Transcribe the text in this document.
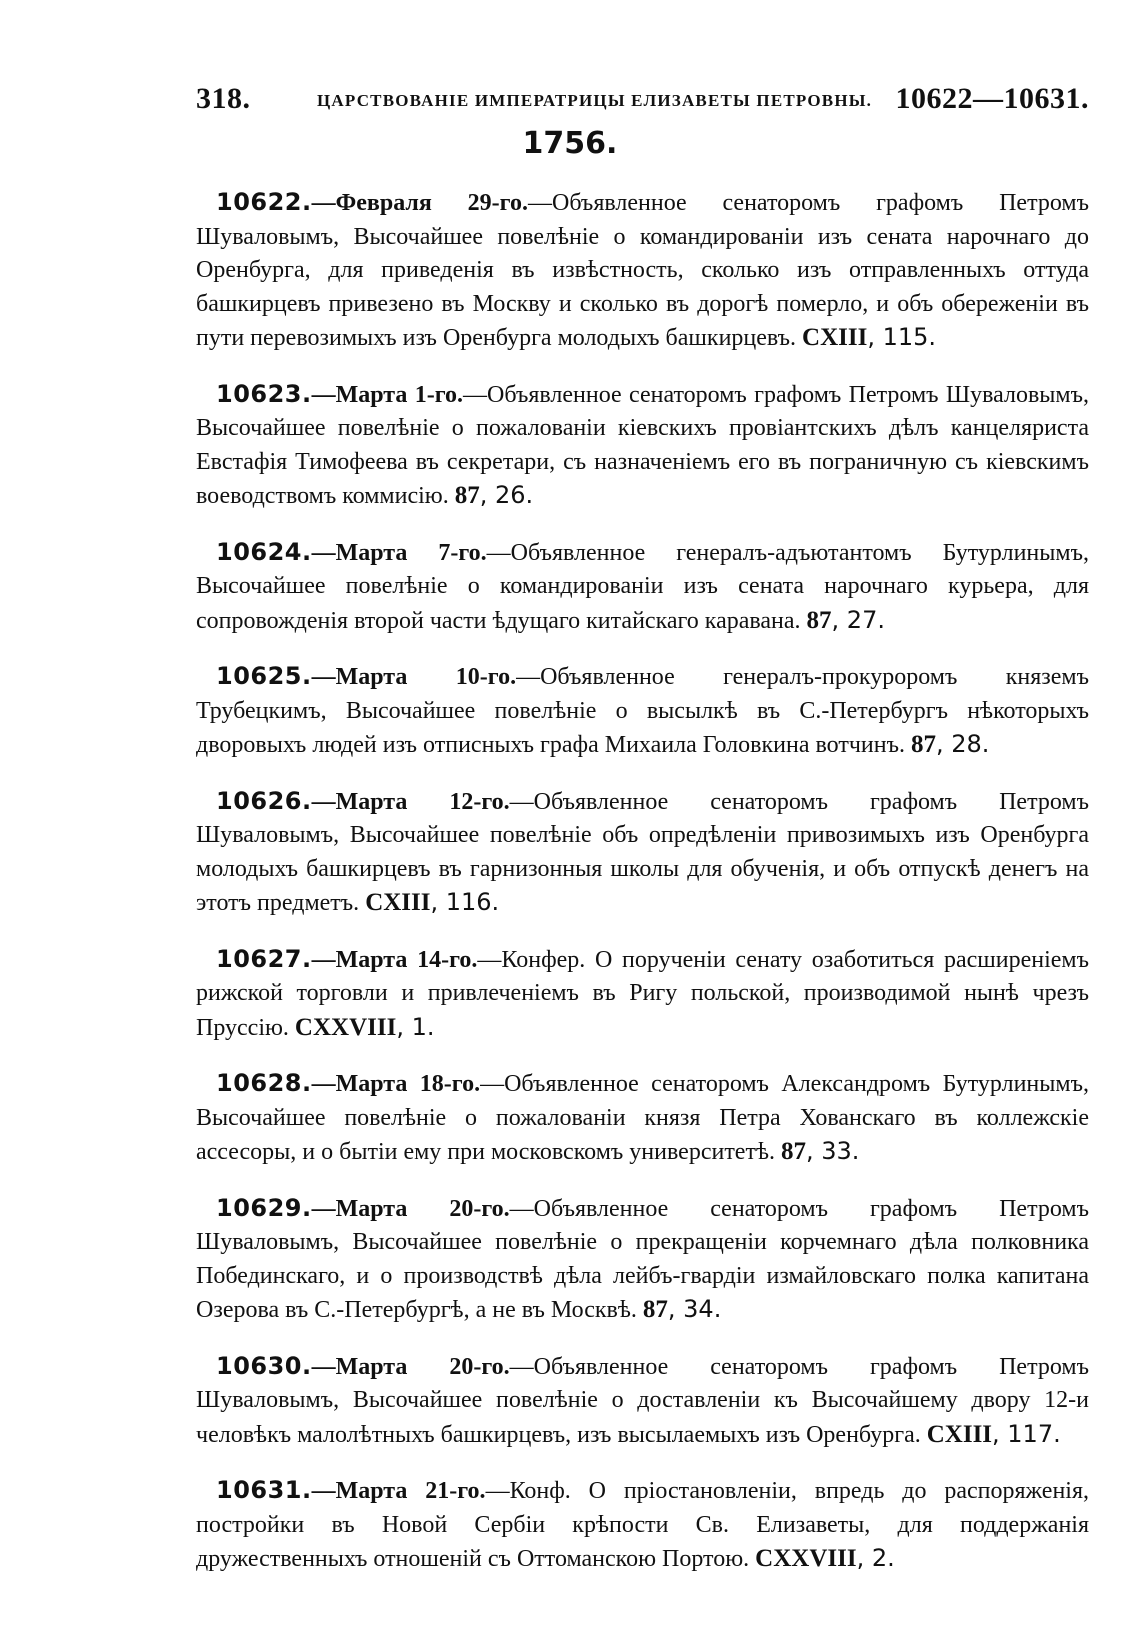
318.	ЦАРСТВОВАНІЕ ИМПЕРАТРИЦЫ ЕЛИЗАВЕТЫ ПЕТРОВНЫ. 10622—10631.
1756.

10622.—Февраля 29-го.—Объявленное сенаторомъ графомъ Петромъ Шуваловымъ, Высочайшее повелѣніе о командированіи изъ сената нарочнаго до Оренбурга, для приведенія въ извѣстность, сколько изъ отправленныхъ оттуда башкирцевъ привезено въ Москву и сколько въ дорогѣ померло, и объ обереженіи въ пути перевозимыхъ изъ Оренбурга молодыхъ башкирцевъ. CXIII, 115.

10623.—Марта 1-го.—Объявленное сенаторомъ графомъ Петромъ Шуваловымъ, Высочайшее повелѣніе о пожалованіи кіевскихъ провіантскихъ дѣлъ канцеляриста Евстафія Тимофеева въ секретари, съ назначеніемъ его въ пограничную съ кіевскимъ воеводствомъ коммисію. 87, 26.

10624.—Марта 7-го.—Объявленное генералъ-адъютантомъ Бутурлинымъ, Высочайшее повелѣніе о командированіи изъ сената нарочнаго курьера, для сопровожденія второй части ѣдущаго китайскаго каравана. 87, 27.

10625.—Марта 10-го.—Объявленное генералъ-прокуроромъ княземъ Трубецкимъ, Высочайшее повелѣніе о высылкѣ въ С.-Петербургъ нѣкоторыхъ дворовыхъ людей изъ отписныхъ графа Михаила Головкина вотчинъ. 87, 28.

10626.—Марта 12-го.—Объявленное сенаторомъ графомъ Петромъ Шуваловымъ, Высочайшее повелѣніе объ опредѣленіи привозимыхъ изъ Оренбурга молодыхъ башкирцевъ въ гарнизонныя школы для обученія, и объ отпускѣ денегъ на этотъ предметъ. CXIII, 116.

10627.—Марта 14-го.—Конфер. О порученіи сенату озаботиться расширеніемъ рижской торговли и привлеченіемъ въ Ригу польской, производимой нынѣ чрезъ Пруссію. CXXVIII, 1.

10628.—Марта 18-го.—Объявленное сенаторомъ Александромъ Бутурлинымъ, Высочайшее повелѣніе о пожалованіи князя Петра Хованскаго въ коллежскіе ассесоры, и о бытіи ему при московскомъ университетѣ. 87, 33.

10629.—Марта 20-го.—Объявленное сенаторомъ графомъ Петромъ Шуваловымъ, Высочайшее повелѣніе о прекращеніи корчемнаго дѣла полковника Побединскаго, и о производствѣ дѣла лейбъ-гвардіи измайловскаго полка капитана Озерова въ С.-Петербургѣ, а не въ Москвѣ. 87, 34.

10630.—Марта 20-го.—Объявленное сенаторомъ графомъ Петромъ Шуваловымъ, Высочайшее повелѣніе о доставленіи къ Высочайшему двору 12-и человѣкъ малолѣтныхъ башкирцевъ, изъ высылаемыхъ изъ Оренбурга. CXIII, 117.

10631.—Марта 21-го.—Конф. О пріостановленіи, впредь до распоряженія, постройки въ Новой Сербіи крѣпости Св. Елизаветы, для поддержанія дружественныхъ отношеній съ Оттоманскою Портою. CXXVIII, 2.
